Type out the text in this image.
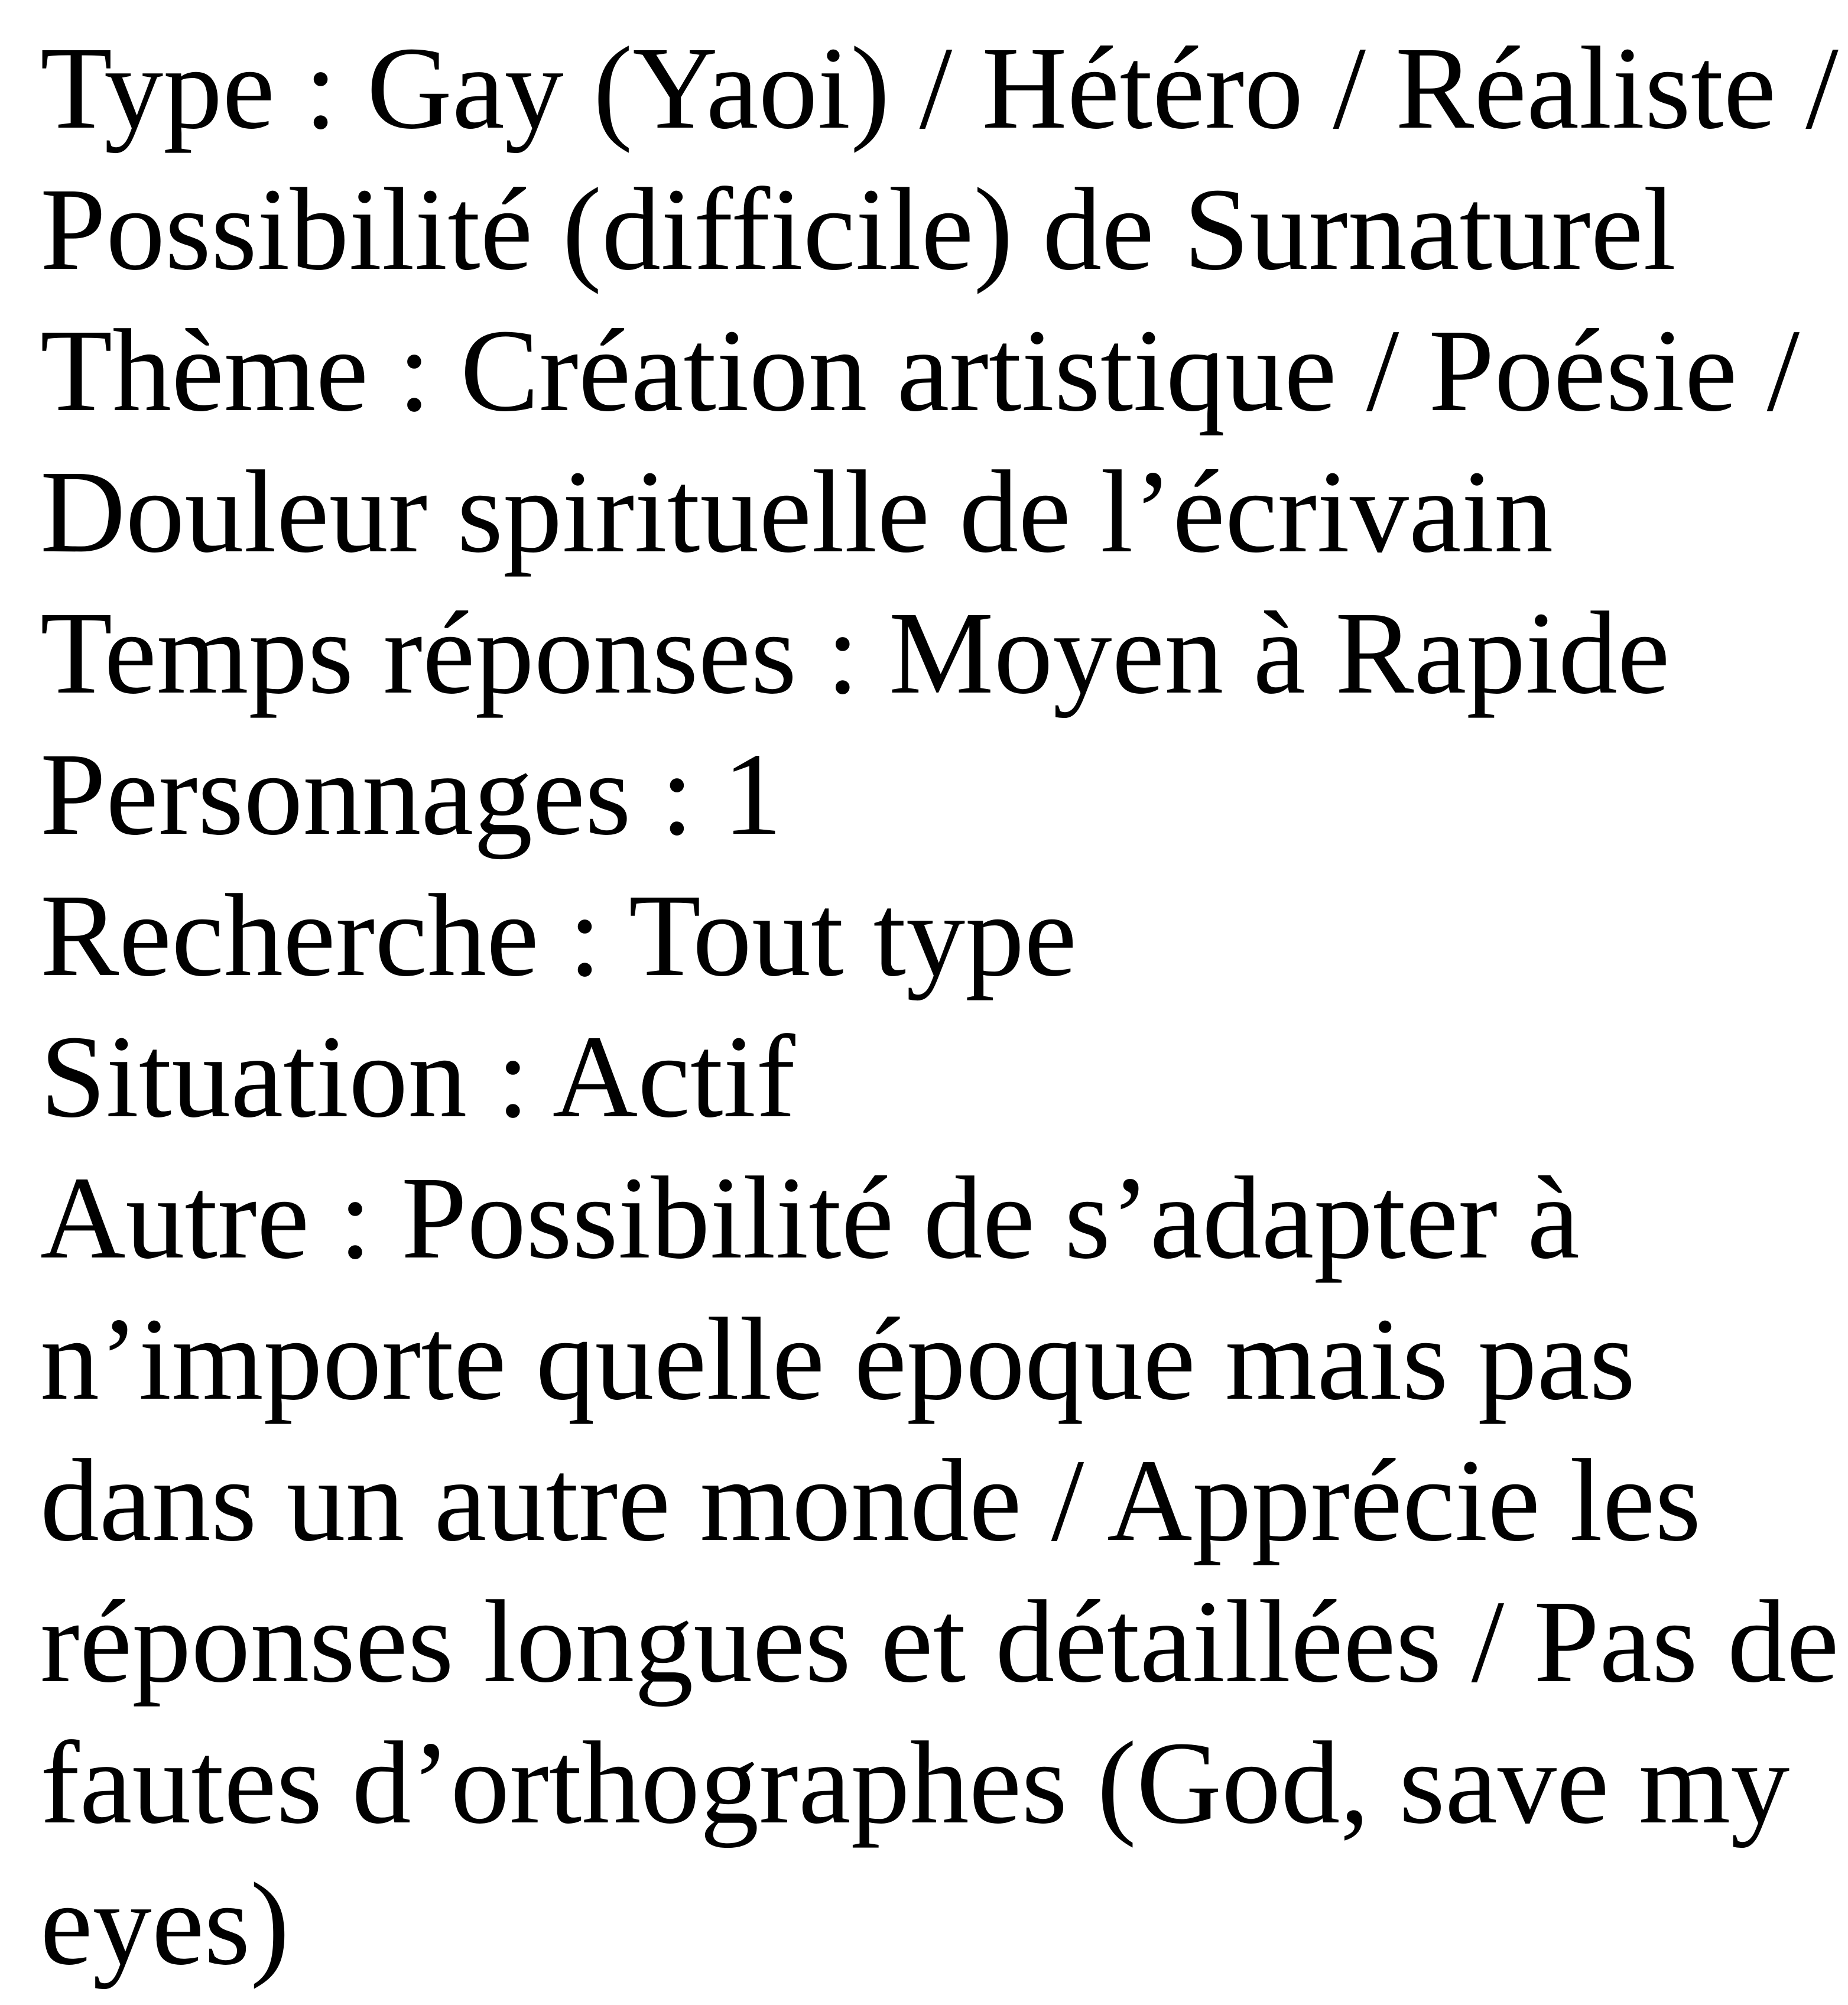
Type : Gay (Yaoi) / Hétéro / Réaliste /
Possibilité (difficile) de Surnaturel
Thème : Création artistique / Poésie /
Douleur spirituelle de l’écrivain
Temps réponses : Moyen à Rapide
Personnages : 1
Recherche : Tout type
Situation : Actif
Autre : Possibilité de s’adapter à
n’importe quelle époque mais pas
dans un autre monde / Apprécie les
réponses longues et détaillées / Pas de
fautes d’orthographes (God, save my
eyes)
